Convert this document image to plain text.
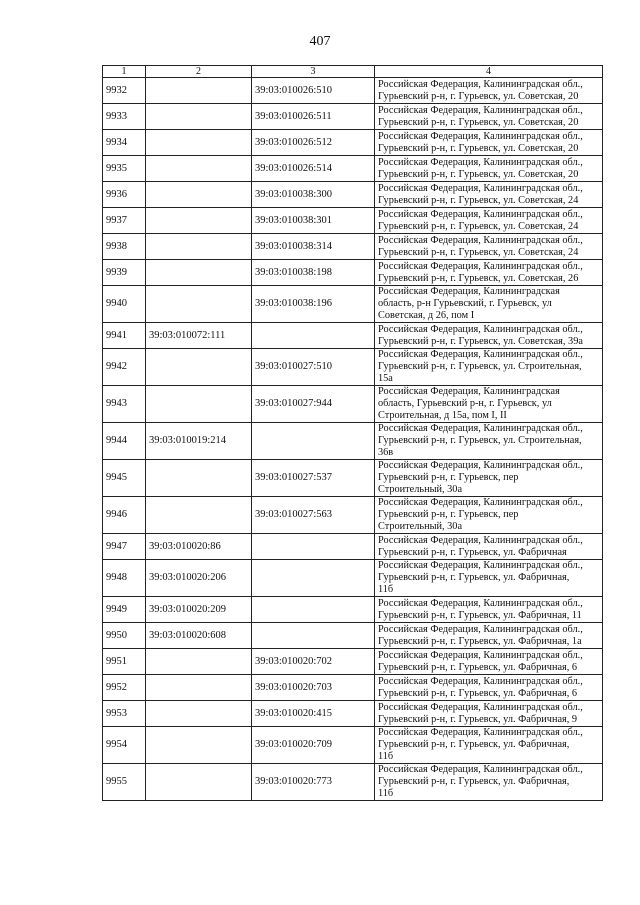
407
1	2	3	4
9932		39:03:010026:510	Российская Федерация, Калининградская обл.,
Гурьевский р-н, г. Гурьевск, ул. Советская, 20

9933		39:03:010026:511	Российская Федерация, Калининградская обл.,
Гурьевский р-н, г. Гурьевск, ул. Советская, 20

9934		39:03:010026:512	Российская Федерация, Калининградская обл.,
Гурьевский р-н, г. Гурьевск, ул. Советская, 20

9935		39:03:010026:514	Российская Федерация, Калининградская обл.,
Гурьевский р-н, г. Гурьевск, ул. Советская, 20

9936		39:03:010038:300	Российская Федерация, Калининградская обл.,
Гурьевский р-н, г. Гурьевск, ул. Советская, 24

9937		39:03:010038:301	Российская Федерация, Калининградская обл.,
Гурьевский р-н, г. Гурьевск, ул. Советская, 24

9938		39:03:010038:314	Российская Федерация, Калининградская обл.,
Гурьевский р-н, г. Гурьевск, ул. Советская, 24

9939		39:03:010038:198	Российская Федерация, Калининградская обл.,
Гурьевский р-н, г. Гурьевск, ул. Советская, 26

9940		39:03:010038:196	Российская Федерация, Калининградская
область, р-н Гурьевский, г. Гурьевск, ул
Советская, д 26, пом I

9941	39:03:010072:111		Российская Федерация, Калининградская обл.,
Гурьевский р-н, г. Гурьевск, ул. Советская, 39а

9942		39:03:010027:510	Российская Федерация, Калининградская обл.,
Гурьевский р-н, г. Гурьевск, ул. Строительная,
15а

9943		39:03:010027:944	Российская Федерация, Калининградская
область, Гурьевский р-н, г. Гурьевск, ул
Строительная, д 15а, пом I, II

9944	39:03:010019:214		Российская Федерация, Калининградская обл.,
Гурьевский р-н, г. Гурьевск, ул. Строительная,
36в

9945		39:03:010027:537	Российская Федерация, Калининградская обл.,
Гурьевский р-н, г. Гурьевск, пер
Строительный, 30а

9946		39:03:010027:563	Российская Федерация, Калининградская обл.,
Гурьевский р-н, г. Гурьевск, пер
Строительный, 30а

9947	39:03:010020:86		Российская Федерация, Калининградская обл.,
Гурьевский р-н, г. Гурьевск, ул. Фабричная

9948	39:03:010020:206		Российская Федерация, Калининградская обл.,
Гурьевский р-н, г. Гурьевск, ул. Фабричная,
11б

9949	39:03:010020:209		Российская Федерация, Калининградская обл.,
Гурьевский р-н, г. Гурьевск, ул. Фабричная, 11

9950	39:03:010020:608		Российская Федерация, Калининградская обл.,
Гурьевский р-н, г. Гурьевск, ул. Фабричная, 1а

9951		39:03:010020:702	Российская Федерация, Калининградская обл.,
Гурьевский р-н, г. Гурьевск, ул. Фабричная, 6

9952		39:03:010020:703	Российская Федерация, Калининградская обл.,
Гурьевский р-н, г. Гурьевск, ул. Фабричная, 6

9953		39:03:010020:415	Российская Федерация, Калининградская обл.,
Гурьевский р-н, г. Гурьевск, ул. Фабричная, 9

9954		39:03:010020:709	Российская Федерация, Калининградская обл.,
Гурьевский р-н, г. Гурьевск, ул. Фабричная,
11б

9955		39:03:010020:773	Российская Федерация, Калининградская обл.,
Гурьевский р-н, г. Гурьевск, ул. Фабричная,
11б
